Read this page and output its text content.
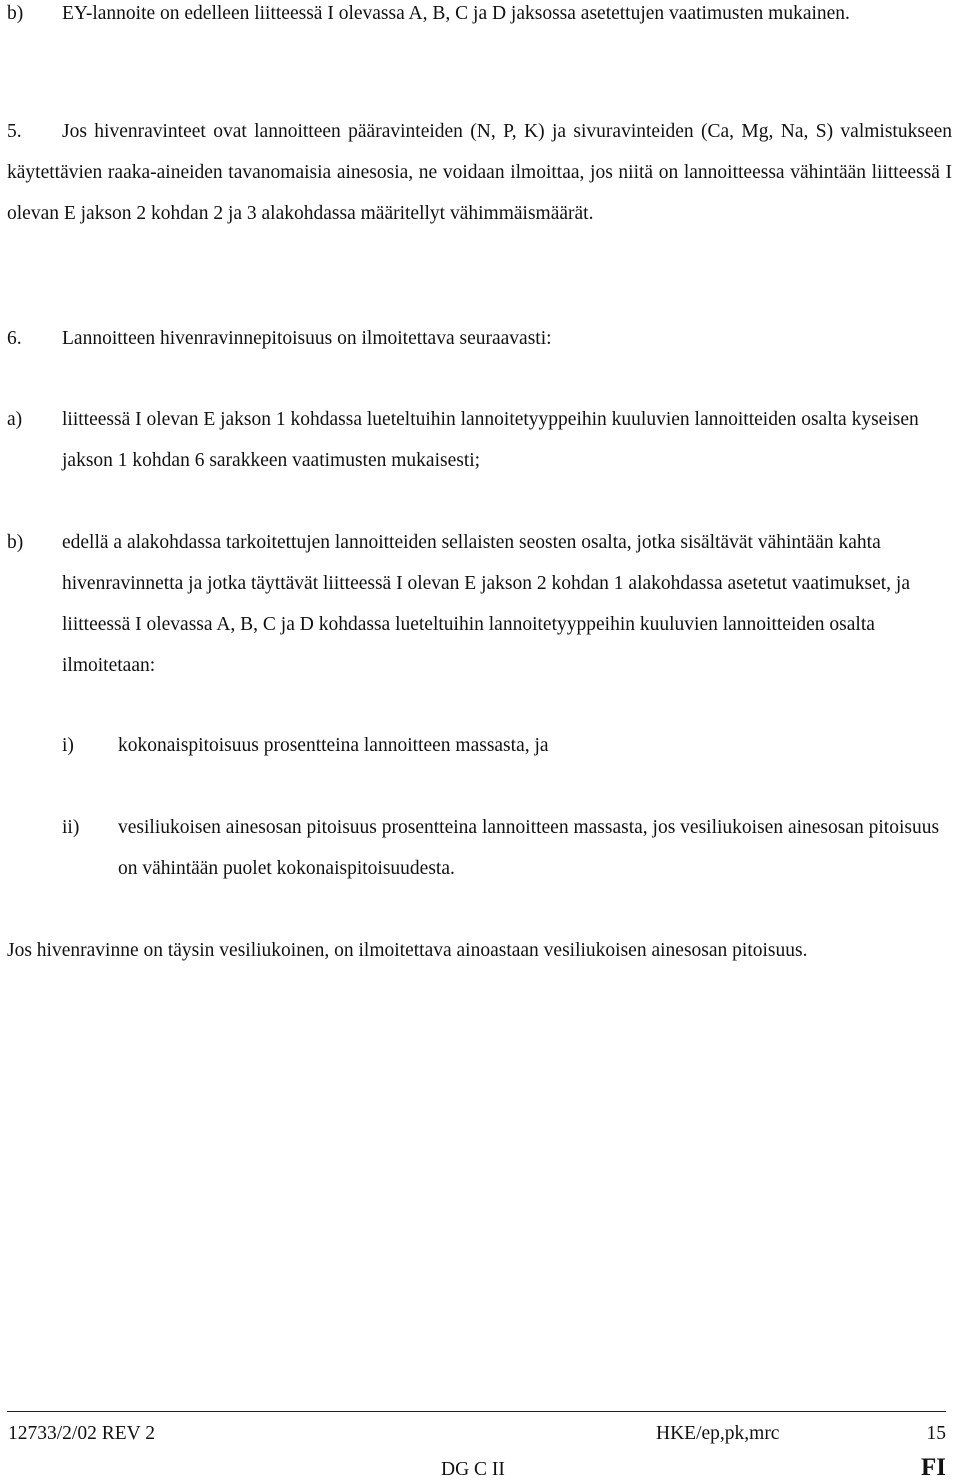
b) EY-lannoite on edelleen liitteessä I olevassa A, B, C ja D jaksossa asetettujen vaatimusten mukainen.
5. Jos hivenravinteet ovat lannoitteen pääravinteiden (N, P, K) ja sivuravinteiden (Ca, Mg, Na, S) valmistukseen käytettävien raaka-aineiden tavanomaisia ainesosia, ne voidaan ilmoittaa, jos niitä on lannoitteessa vähintään liitteessä I olevan E jakson 2 kohdan 2 ja 3 alakohdassa määritellyt vähimmäismäärät.
6. Lannoitteen hivenravinnepitoisuus on ilmoitettava seuraavasti:
a) liitteessä I olevan E jakson 1 kohdassa lueteltuihin lannoitetyyppeihin kuuluvien lannoitteiden osalta kyseisen jakson 1 kohdan 6 sarakkeen vaatimusten mukaisesti;
b) edellä a alakohdassa tarkoitettujen lannoitteiden sellaisten seosten osalta, jotka sisältävät vähintään kahta hivenravinnetta ja jotka täyttävät liitteessä I olevan E jakson 2 kohdan 1 alakohdassa asetetut vaatimukset, ja liitteessä I olevassa A, B, C ja D kohdassa lueteltuihin lannoitetyyppeihin kuuluvien lannoitteiden osalta ilmoitetaan:
i) kokonaispitoisuus prosentteina lannoitteen massasta, ja
ii) vesiliukoisen ainesosan pitoisuus prosentteina lannoitteen massasta, jos vesiliukoisen ainesosan pitoisuus on vähintään puolet kokonaispitoisuudesta.
Jos hivenravinne on täysin vesiliukoinen, on ilmoitettava ainoastaan vesiliukoisen ainesosan pitoisuus.
12733/2/02 REV 2	HKE/ep,pk,mrc	15
DG C II	FI
